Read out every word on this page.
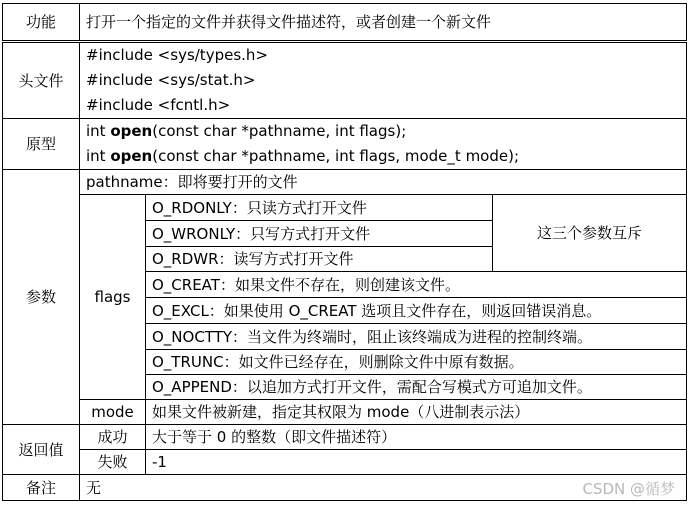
功能	打开一个指定的文件并获得文件描述符，或者创建一个新文件		
头文件	#include <sys/types.h>
#include <sys/stat.h>
#include <fcntl.h>		

原型	int open(const char *pathname, int flags);
int open(const char *pathname, int flags, mode_t mode);		

参数	pathname：即将要打开的文件		
	flags	O_RDONLY：只读方式打开文件	这三个参数互斥
		O_WRONLY：只写方式打开文件	
		O_RDWR：读写方式打开文件	
		O_CREAT：如果文件不存在，则创建该文件。	
		O_EXCL：如果使用 O_CREAT 选项且文件存在，则返回错误消息。	
		O_NOCTTY：当文件为终端时，阻止该终端成为进程的控制终端。	
		O_TRUNC：如文件已经存在，则删除文件中原有数据。	
		O_APPEND：以追加方式打开文件，需配合写模式方可追加文件。	
	mode	如果文件被新建，指定其权限为 mode（八进制表示法）	
返回值	成功	大于等于 0 的整数（即文件描述符）	
	失败	-1	
备注	无			CSDN @循梦
